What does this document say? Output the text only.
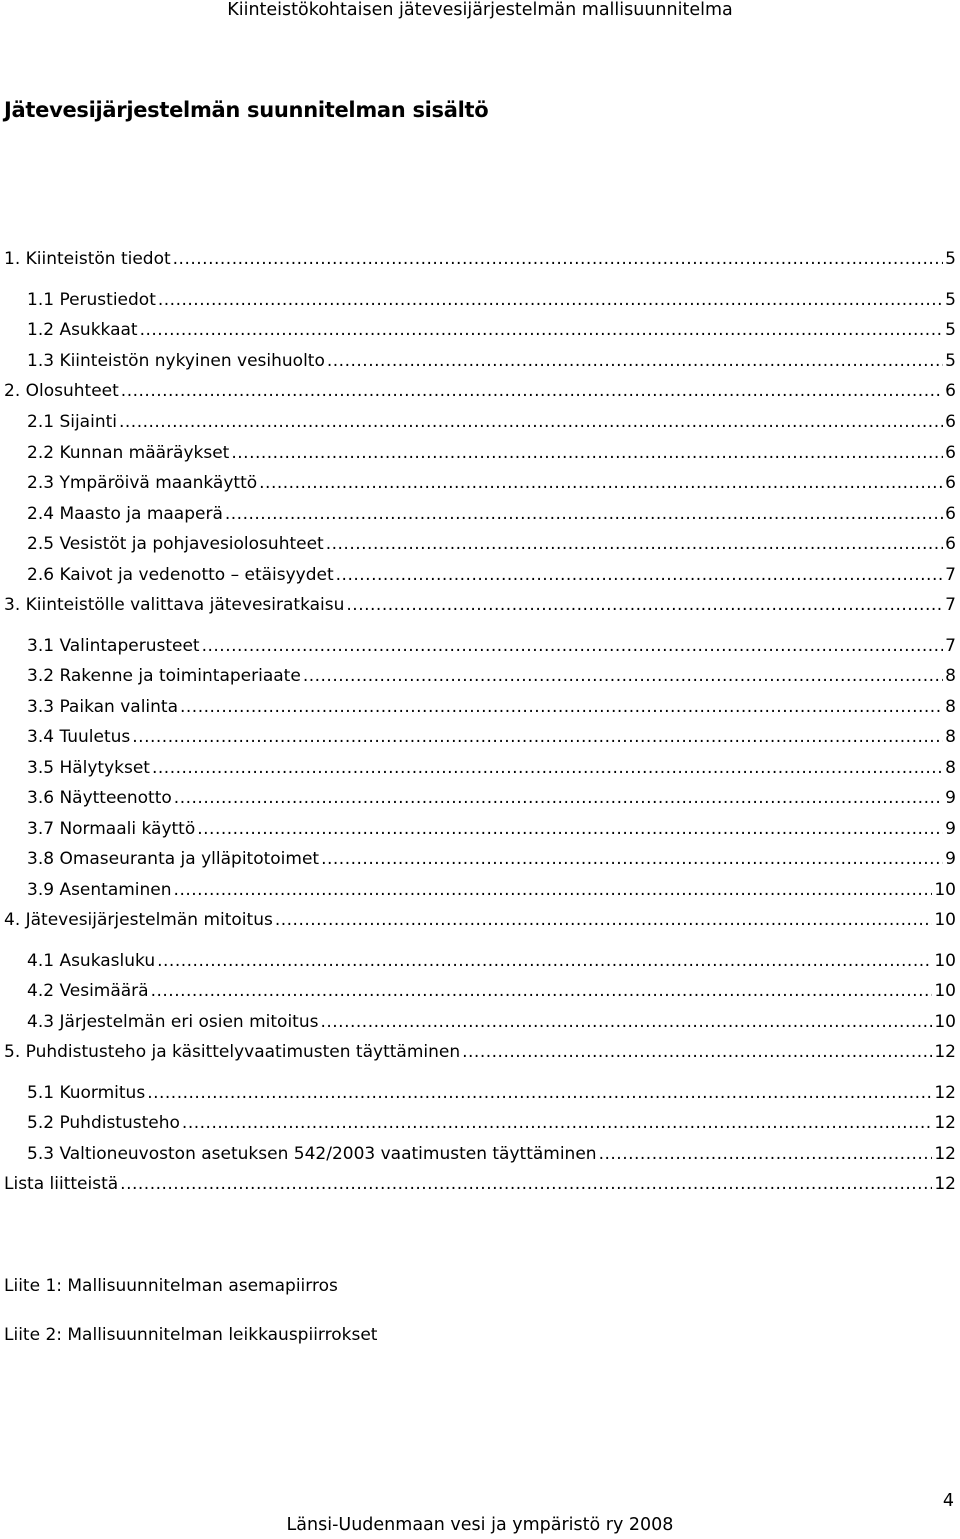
Kiinteistökohtaisen jätevesijärjestelmän mallisuunnitelma
Jätevesijärjestelmän suunnitelman sisältö
1. Kiinteistön tiedot .....	5
1.1 Perustiedot .....	5
1.2 Asukkaat .....	5
1.3 Kiinteistön nykyinen vesihuolto .....	5
2. Olosuhteet .....	6
2.1 Sijainti .....	6
2.2 Kunnan määräykset .....	6
2.3 Ympäröivä maankäyttö .....	6
2.4 Maasto ja maaperä .....	6
2.5 Vesistöt ja pohjavesiolosuhteet .....	6
2.6 Kaivot ja vedenotto – etäisyydet .....	7
3. Kiinteistölle valittava jätevesiratkaisu .....	7
3.1 Valintaperusteet .....	7
3.2 Rakenne ja toimintaperiaate .....	8
3.3 Paikan valinta .....	8
3.4 Tuuletus .....	8
3.5 Hälytykset .....	8
3.6 Näytteenotto .....	9
3.7 Normaali käyttö .....	9
3.8 Omaseuranta ja ylläpitotoimet .....	9
3.9 Asentaminen .....	10
4. Jätevesijärjestelmän mitoitus .....	10
4.1 Asukasluku .....	10
4.2 Vesimäärä .....	10
4.3 Järjestelmän eri osien mitoitus .....	10
5. Puhdistusteho ja käsittelyvaatimusten täyttäminen .....	12
5.1 Kuormitus .....	12
5.2 Puhdistusteho .....	12
5.3 Valtioneuvoston asetuksen 542/2003 vaatimusten täyttäminen .....	12
Lista liitteistä .....	12
Liite 1: Mallisuunnitelman asemapiirros
Liite 2: Mallisuunnitelman leikkauspiirrokset
4
Länsi-Uudenmaan vesi ja ympäristö ry 2008
